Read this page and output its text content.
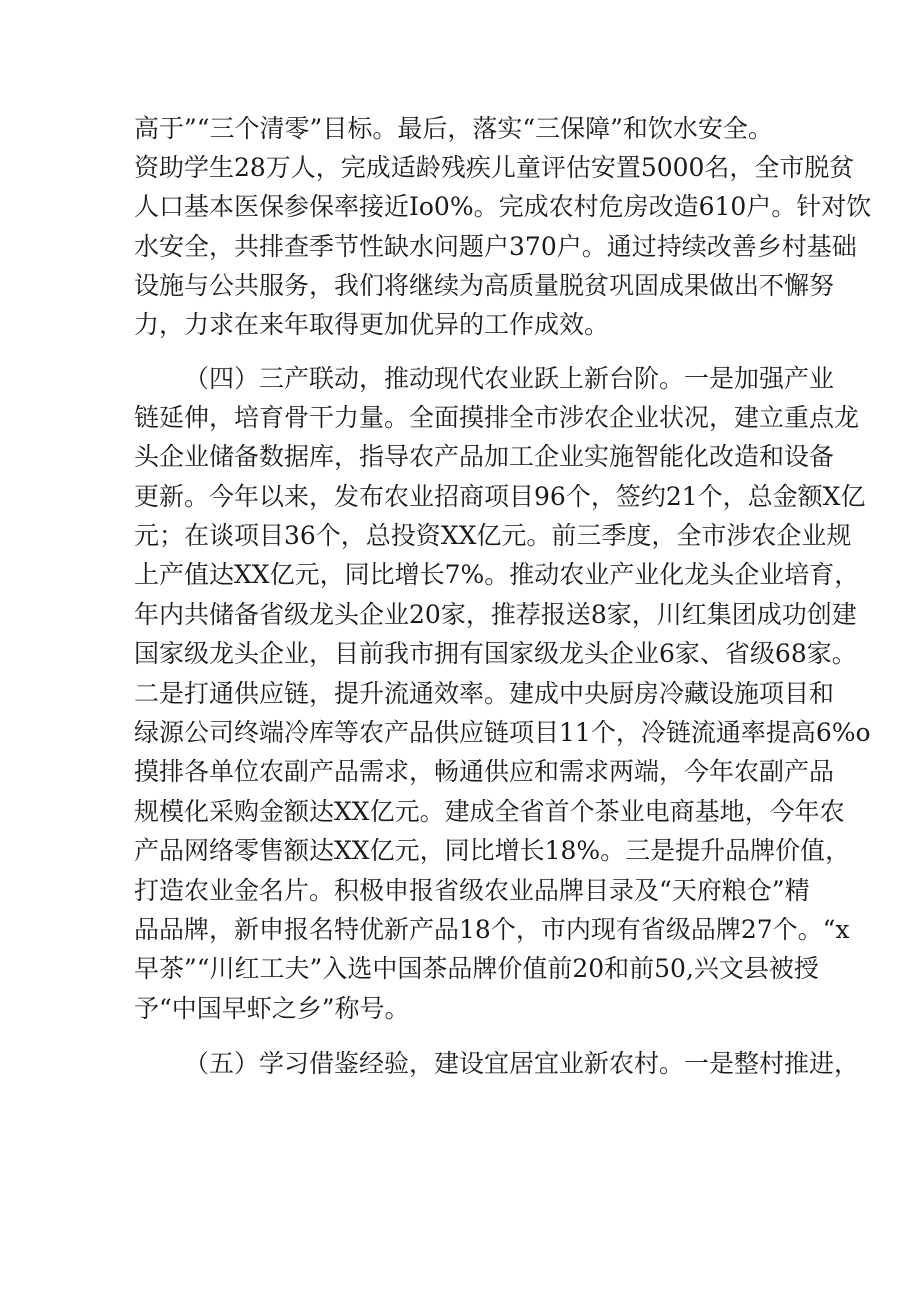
高于”“三个清零”目标。最后，落实“三保障”和饮水安全。
资助学生28万人，完成适龄残疾儿童评估安置5000名，全市脱贫
人口基本医保参保率接近Io0%。完成农村危房改造610户。针对饮
水安全，共排查季节性缺水问题户370户。通过持续改善乡村基础
设施与公共服务，我们将继续为高质量脱贫巩固成果做出不懈努
力，力求在来年取得更加优异的工作成效。
（四）三产联动，推动现代农业跃上新台阶。一是加强产业
链延伸，培育骨干力量。全面摸排全市涉农企业状况，建立重点龙
头企业储备数据库，指导农产品加工企业实施智能化改造和设备
更新。今年以来，发布农业招商项目96个，签约21个，总金额X亿
元；在谈项目36个，总投资XX亿元。前三季度，全市涉农企业规
上产值达XX亿元，同比增长7%。推动农业产业化龙头企业培育，
年内共储备省级龙头企业20家，推荐报送8家，川红集团成功创建
国家级龙头企业，目前我市拥有国家级龙头企业6家、省级68家。
二是打通供应链，提升流通效率。建成中央厨房冷藏设施项目和
绿源公司终端冷库等农产品供应链项目11个，冷链流通率提高6%o
摸排各单位农副产品需求，畅通供应和需求两端，今年农副产品
规模化采购金额达XX亿元。建成全省首个茶业电商基地，今年农
产品网络零售额达XX亿元，同比增长18%。三是提升品牌价值，
打造农业金名片。积极申报省级农业品牌目录及“天府粮仓”精
品品牌，新申报名特优新产品18个，市内现有省级品牌27个。“x
早茶”“川红工夫”入选中国茶品牌价值前20和前50,兴文县被授
予“中国早虾之乡”称号。
（五）学习借鉴经验，建设宜居宜业新农村。一是整村推进，
